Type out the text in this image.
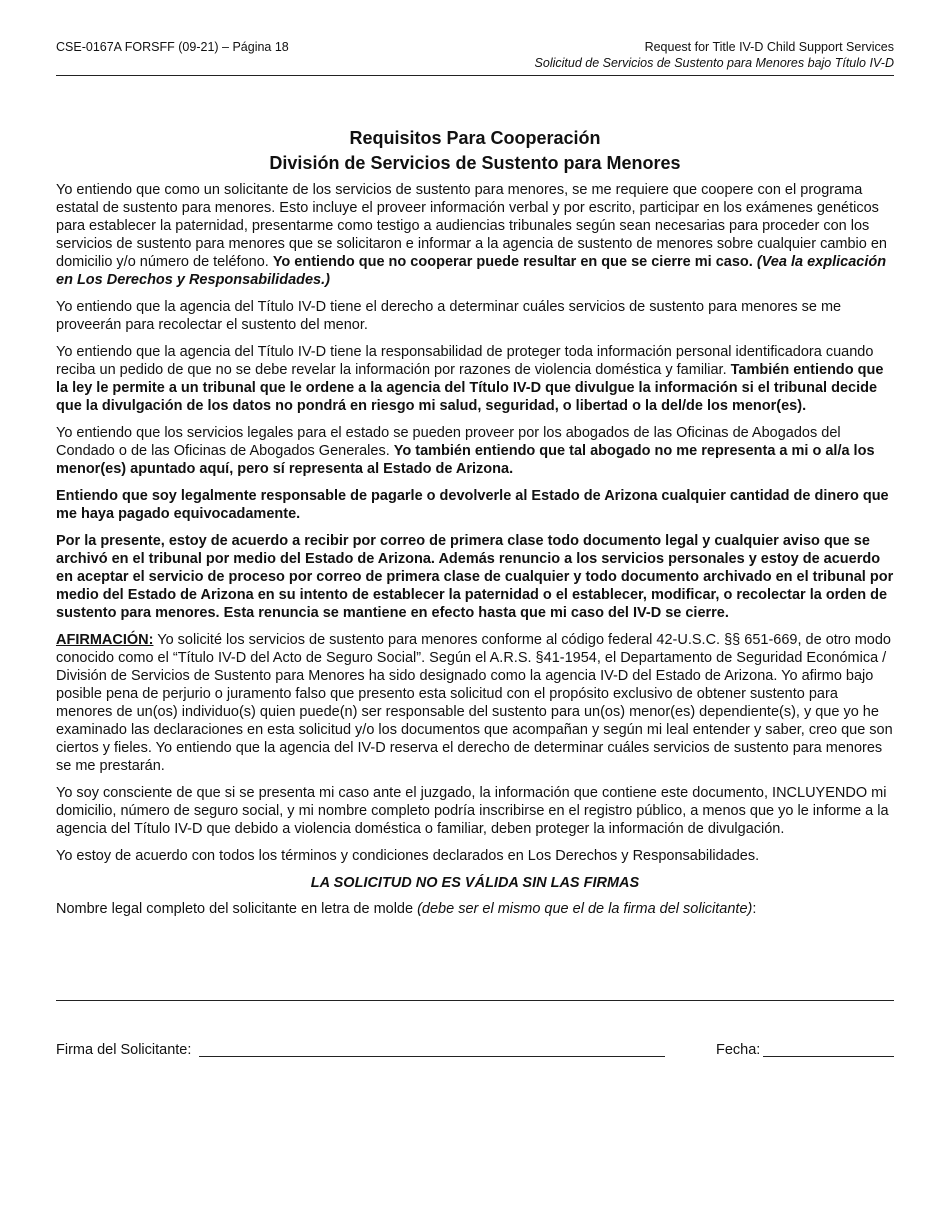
CSE-0167A FORSFF (09-21) – Página 18	Request for Title IV-D Child Support Services
Solicitud de Servicios de Sustento para Menores bajo Título IV-D
Requisitos Para Cooperación
División de Servicios de Sustento para Menores

Yo entiendo que como un solicitante de los servicios de sustento para menores, se me requiere que coopere con el programa estatal de sustento para menores. Esto incluye el proveer información verbal y por escrito, participar en los exámenes genéticos para establecer la paternidad, presentarme como testigo a audiencias tribunales según sean necesarias para proceder con los servicios de sustento para menores que se solicitaron e informar a la agencia de sustento de menores sobre cualquier cambio en domicilio y/o número de teléfono. Yo entiendo que no cooperar puede resultar en que se cierre mi caso. (Vea la explicación en Los Derechos y Responsabilidades.)

Yo entiendo que la agencia del Título IV-D tiene el derecho a determinar cuáles servicios de sustento para menores se me proveerán para recolectar el sustento del menor.

Yo entiendo que la agencia del Título IV-D tiene la responsabilidad de proteger toda información personal identificadora cuando reciba un pedido de que no se debe revelar la información por razones de violencia doméstica y familiar. También entiendo que la ley le permite a un tribunal que le ordene a la agencia del Título IV-D que divulgue la información si el tribunal decide que la divulgación de los datos no pondrá en riesgo mi salud, seguridad, o libertad o la del/de los menor(es).

Yo entiendo que los servicios legales para el estado se pueden proveer por los abogados de las Oficinas de Abogados del Condado o de las Oficinas de Abogados Generales. Yo también entiendo que tal abogado no me representa a mi o al/a los menor(es) apuntado aquí, pero sí representa al Estado de Arizona.

Entiendo que soy legalmente responsable de pagarle o devolverle al Estado de Arizona cualquier cantidad de dinero que me haya pagado equivocadamente.

Por la presente, estoy de acuerdo a recibir por correo de primera clase todo documento legal y cualquier aviso que se archivó en el tribunal por medio del Estado de Arizona. Además renuncio a los servicios personales y estoy de acuerdo en aceptar el servicio de proceso por correo de primera clase de cualquier y todo documento archivado en el tribunal por medio del Estado de Arizona en su intento de establecer la paternidad o el establecer, modificar, o recolectar la orden de sustento para menores. Esta renuncia se mantiene en efecto hasta que mi caso del IV-D se cierre.

AFIRMACIÓN: Yo solicité los servicios de sustento para menores conforme al código federal 42-U.S.C. §§ 651-669, de otro modo conocido como el “Título IV-D del Acto de Seguro Social”. Según el A.R.S. §41-1954, el Departamento de Seguridad Económica / División de Servicios de Sustento para Menores ha sido designado como la agencia IV-D del Estado de Arizona. Yo afirmo bajo posible pena de perjurio o juramento falso que presento esta solicitud con el propósito exclusivo de obtener sustento para menores de un(os) individuo(s) quien puede(n) ser responsable del sustento para un(os) menor(es) dependiente(s), y que yo he examinado las declaraciones en esta solicitud y/o los documentos que acompañan y según mi leal entender y saber, creo que son ciertos y fieles. Yo entiendo que la agencia del IV-D reserva el derecho de determinar cuáles servicios de sustento para menores se me prestarán.

Yo soy consciente de que si se presenta mi caso ante el juzgado, la información que contiene este documento, INCLUYENDO mi domicilio, número de seguro social, y mi nombre completo podría inscribirse en el registro público, a menos que yo le informe a la agencia del Título IV-D que debido a violencia doméstica o familiar, deben proteger la información de divulgación.

Yo estoy de acuerdo con todos los términos y condiciones declarados en Los Derechos y Responsabilidades.

LA SOLICITUD NO ES VÁLIDA SIN LAS FIRMAS
Nombre legal completo del solicitante en letra de molde (debe ser el mismo que el de la firma del solicitante):
Firma del Solicitante:	Fecha:
